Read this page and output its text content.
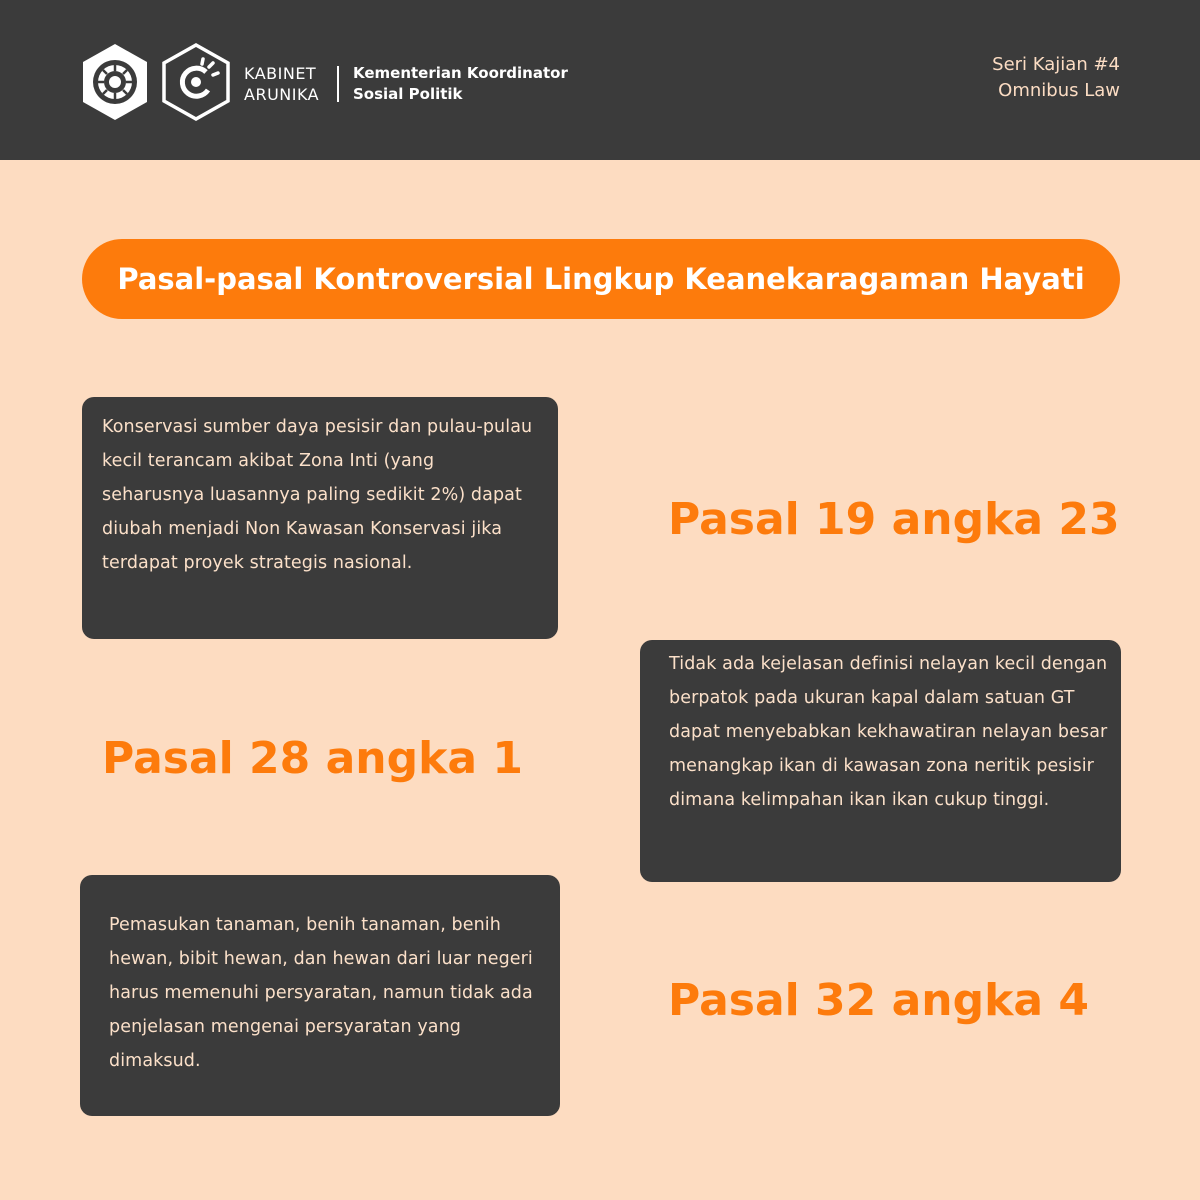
KABINET
ARUNIKA
Kementerian Koordinator
Sosial Politik
Seri Kajian #4
Omnibus Law
Pasal-pasal Kontroversial Lingkup Keanekaragaman Hayati

Konservasi sumber daya pesisir dan pulau-pulau kecil terancam akibat Zona Inti (yang seharusnya luasannya paling sedikit 2%) dapat diubah menjadi Non Kawasan Konservasi jika terdapat proyek strategis nasional.

Pasal 19 angka 23
Pasal 28 angka 1

Tidak ada kejelasan definisi nelayan kecil dengan berpatok pada ukuran kapal dalam satuan GT dapat menyebabkan kekhawatiran nelayan besar menangkap ikan di kawasan zona neritik pesisir dimana kelimpahan ikan ikan cukup tinggi.

Pemasukan tanaman, benih tanaman, benih hewan, bibit hewan, dan hewan dari luar negeri harus memenuhi persyaratan, namun tidak ada penjelasan mengenai persyaratan yang dimaksud.

Pasal 32 angka 4
